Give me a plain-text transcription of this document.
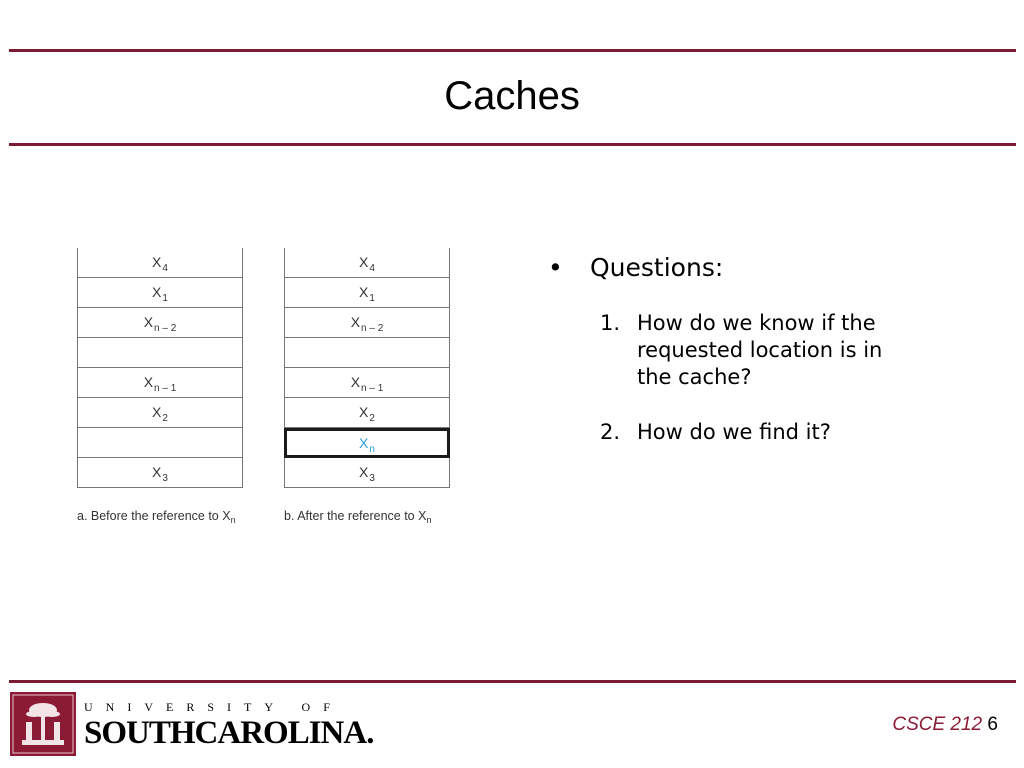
Caches
$X_4$
$X_1$
$X_{n - 2}$
$X_{n - 1}$
$X_2$
$X_3$
$X_4$
$X_1$
$X_{n - 2}$
$X_{n - 1}$
$X_2$
$X_n$
$X_3$
a. Before the reference to $X_n$	b. After the reference to $X_n$
•	Questions:
1. How do we know if the requested location is in the cache?
2. How do we find it?
UNIVERSITY OF
SOUTHCAROLINA.	CSCE 212 6
